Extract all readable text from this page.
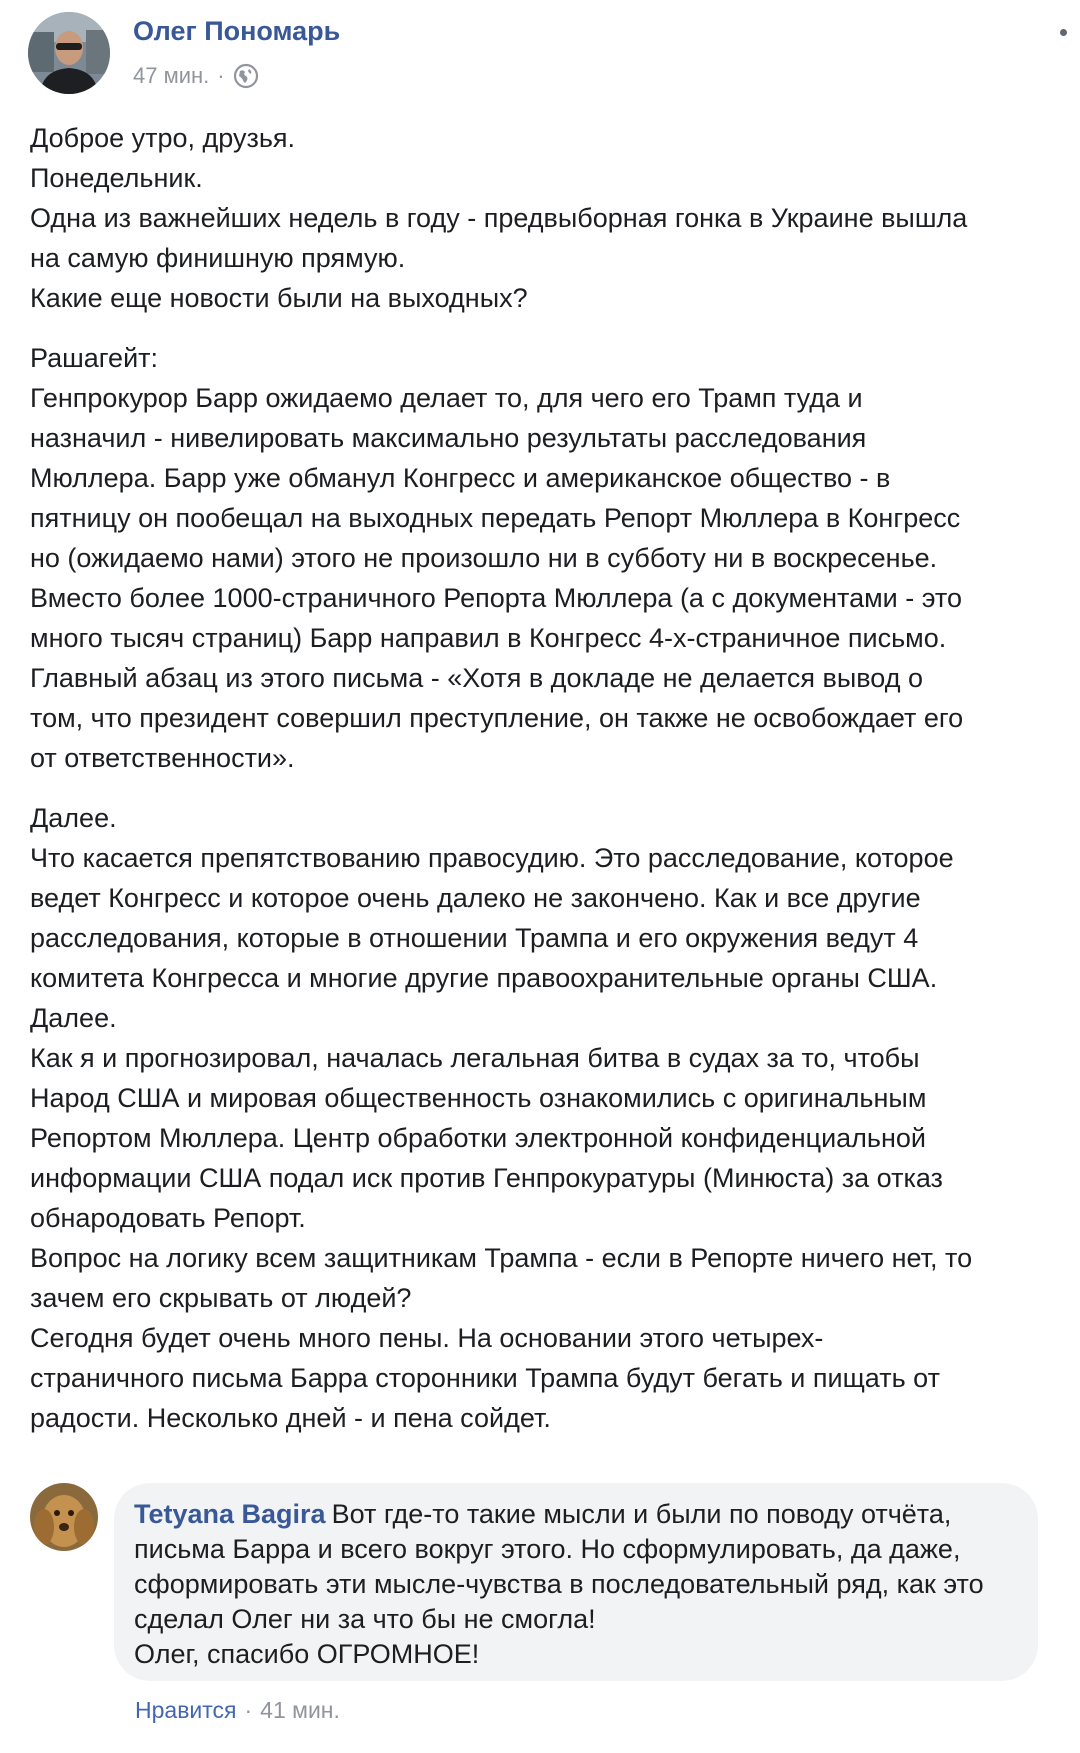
Олег Пономарь
47 мин. ·

Доброе утро, друзья.
Понедельник.
Одна из важнейших недель в году - предвыборная гонка в Украине вышла
на самую финишную прямую.
Какие еще новости были на выходных?

Рашагейт:
Генпрокурор Барр ожидаемо делает то, для чего его Трамп туда и
назначил - нивелировать максимально результаты расследования
Мюллера. Барр уже обманул Конгресс и американское общество - в
пятницу он пообещал на выходных передать Репорт Мюллера в Конгресс
но (ожидаемо нами) этого не произошло ни в субботу ни в воскресенье.
Вместо более 1000-страничного Репорта Мюллера (а с документами - это
много тысяч страниц) Барр направил в Конгресс 4-х-страничное письмо.
Главный абзац из этого письма - «Хотя в докладе не делается вывод о
том, что президент совершил преступление, он также не освобождает его
от ответственности».

Далее.
Что касается препятствованию правосудию. Это расследование, которое
ведет Конгресс и которое очень далеко не закончено. Как и все другие
расследования, которые в отношении Трампа и его окружения ведут 4
комитета Конгресса и многие другие правоохранительные органы США.
Далее.
Как я и прогнозировал, началась легальная битва в судах за то, чтобы
Народ США и мировая общественность ознакомились с оригинальным
Репортом Мюллера. Центр обработки электронной конфиденциальной
информации США подал иск против Генпрокуратуры (Минюста) за отказ
обнародовать Репорт.
Вопрос на логику всем защитникам Трампа - если в Репорте ничего нет, то
зачем его скрывать от людей?
Сегодня будет очень много пены. На основании этого четырех-
страничного письма Барра сторонники Трампа будут бегать и пищать от
радости. Несколько дней - и пена сойдет.

Tetyana Bagira Вот где-то такие мысли и были по поводу отчёта,
письма Барра и всего вокруг этого. Но сформулировать, да даже,
сформировать эти мысле-чувства в последовательный ряд, как это
сделал Олег ни за что бы не смогла!
Олег, спасибо ОГРОМНОЕ!
Нравится · 41 мин.
